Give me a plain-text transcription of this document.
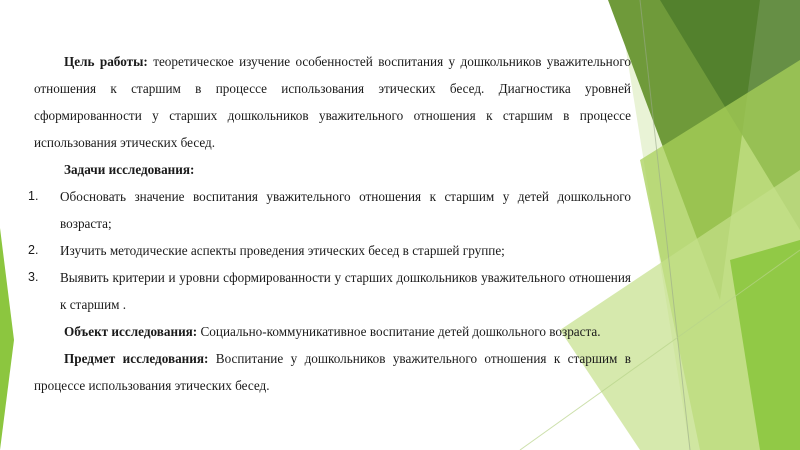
Цель работы: теоретическое изучение особенностей воспитания у дошкольников уважительного отношения к старшим в процессе использования этических бесед. Диагностика уровней сформированности у старших дошкольников уважительного отношения к старшим в процессе использования этических бесед.

Задачи исследования:

1. Обосновать значение воспитания уважительного отношения к старшим у детей дошкольного возраста;
2. Изучить методические аспекты проведения этических бесед в старшей группе;
3. Выявить критерии и уровни сформированности у старших дошкольников уважительного отношения к старшим .

Объект исследования: Социально-коммуникативное воспитание детей дошкольного возраста.

Предмет исследования: Воспитание у дошкольников уважительного отношения к старшим в процессе использования этических бесед.
